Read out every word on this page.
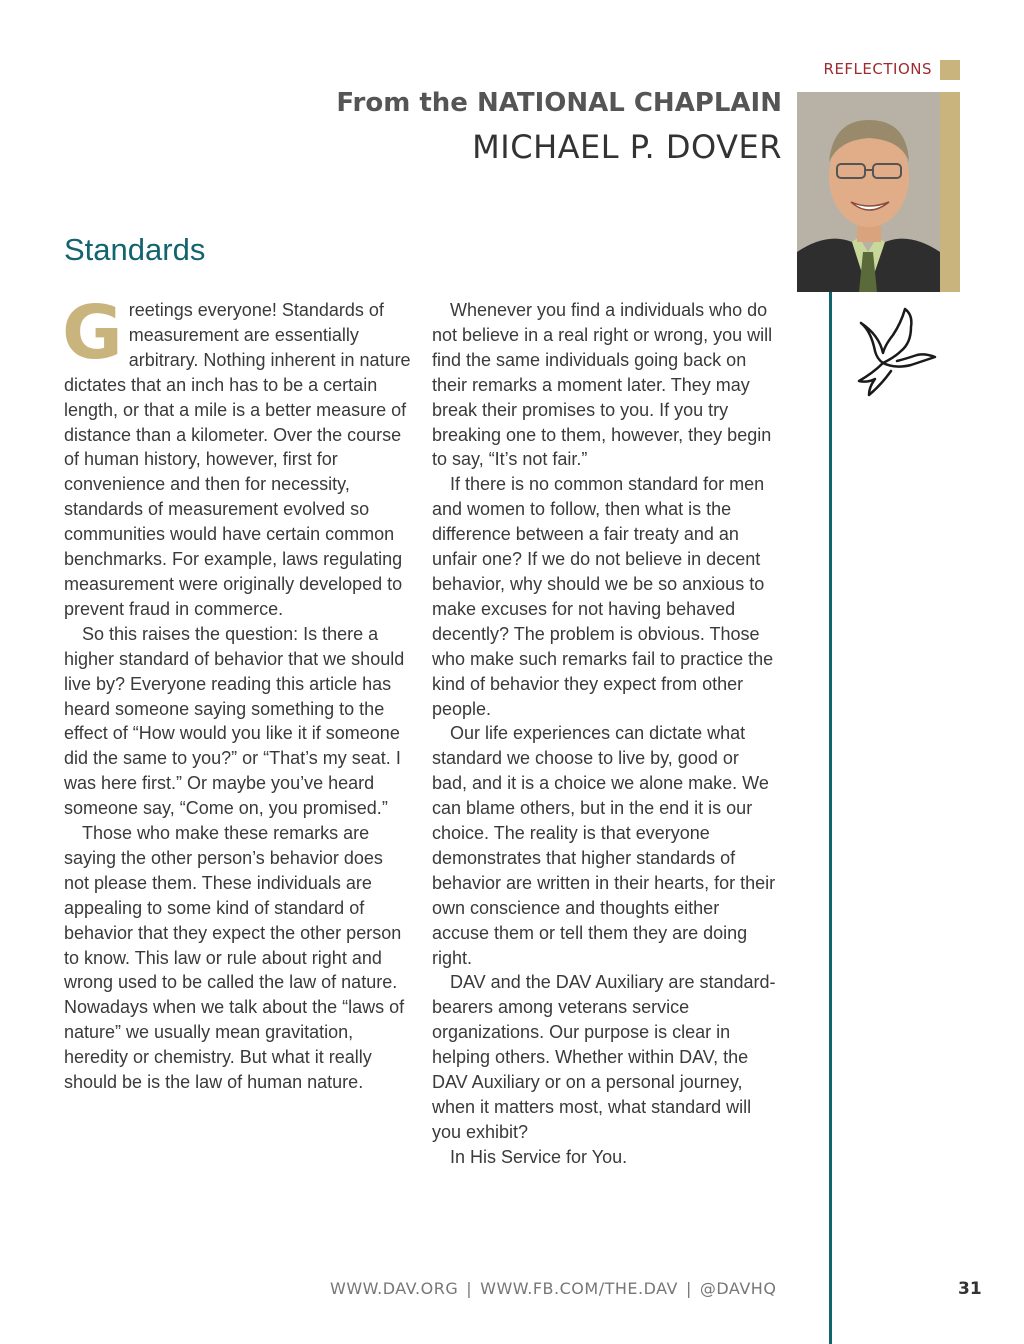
REFLECTIONS
From the NATIONAL CHAPLAIN
MICHAEL P. DOVER
Standards

Greetings everyone! Standards of measurement are essentially arbitrary. Nothing inherent in nature dictates that an inch has to be a certain length, or that a mile is a better measure of distance than a kilometer. Over the course of human history, however, first for convenience and then for necessity, standards of measurement evolved so communities would have certain common benchmarks. For example, laws regulating measurement were originally developed to prevent fraud in commerce.

So this raises the question: Is there a higher standard of behavior that we should live by? Everyone reading this article has heard someone saying something to the effect of “How would you like it if someone did the same to you?” or “That’s my seat. I was here first.” Or maybe you’ve heard someone say, “Come on, you promised.”

Those who make these remarks are saying the other person’s behavior does not please them. These individuals are appealing to some kind of standard of behavior that they expect the other person to know. This law or rule about right and wrong used to be called the law of nature. Nowadays when we talk about the “laws of nature” we usually mean gravitation, heredity or chemistry. But what it really should be is the law of human nature.

Whenever you find a individuals who do not believe in a real right or wrong, you will find the same individuals going back on their remarks a moment later. They may break their promises to you. If you try breaking one to them, however, they begin to say, “It’s not fair.”

If there is no common standard for men and women to follow, then what is the difference between a fair treaty and an unfair one? If we do not believe in decent behavior, why should we be so anxious to make excuses for not having behaved decently? The problem is obvious. Those who make such remarks fail to practice the kind of behavior they expect from other people.

Our life experiences can dictate what standard we choose to live by, good or bad, and it is a choice we alone make. We can blame others, but in the end it is our choice. The reality is that everyone demonstrates that higher standards of behavior are written in their hearts, for their own conscience and thoughts either accuse them or tell them they are doing right.

DAV and the DAV Auxiliary are standard-bearers among veterans service organizations. Our purpose is clear in helping others. Whether within DAV, the DAV Auxiliary or on a personal journey, when it matters most, what standard will you exhibit?

In His Service for You.

WWW.DAV.ORG | WWW.FB.COM/THE.DAV | @DAVHQ	31
